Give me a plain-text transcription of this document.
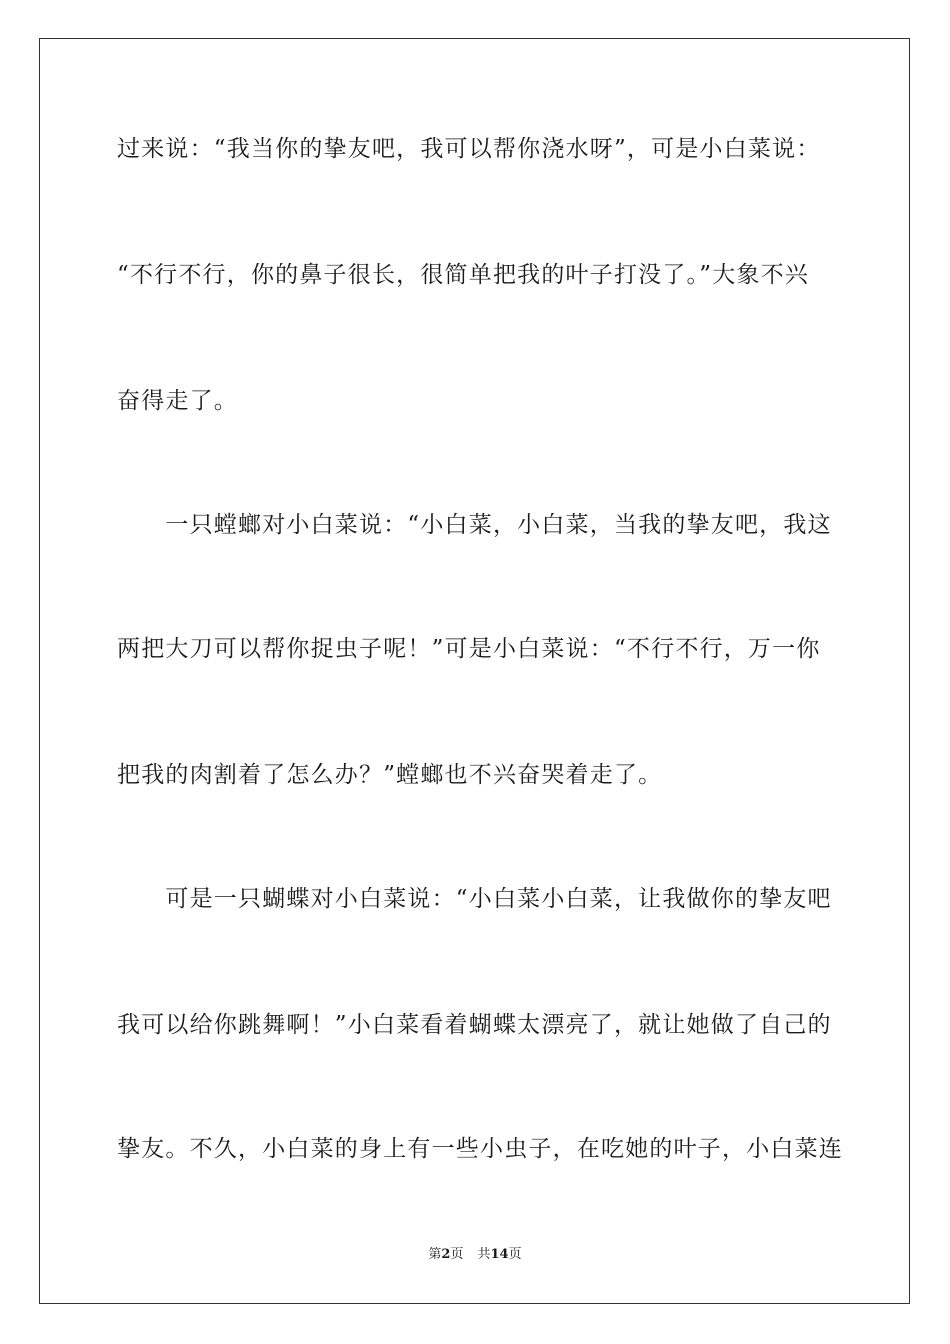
过来说：“我当你的挚友吧，我可以帮你浇水呀”，可是小白菜说：
“不行不行，你的鼻子很长，很简单把我的叶子打没了。”大象不兴
奋得走了。
　　一只螳螂对小白菜说：“小白菜，小白菜，当我的挚友吧，我这
两把大刀可以帮你捉虫子呢！”可是小白菜说：“不行不行，万一你
把我的肉割着了怎么办？”螳螂也不兴奋哭着走了。
　　可是一只蝴蝶对小白菜说：“小白菜小白菜，让我做你的挚友吧
我可以给你跳舞啊！”小白菜看着蝴蝶太漂亮了，就让她做了自己的
挚友。不久，小白菜的身上有一些小虫子，在吃她的叶子，小白菜连
第2页 共14页
